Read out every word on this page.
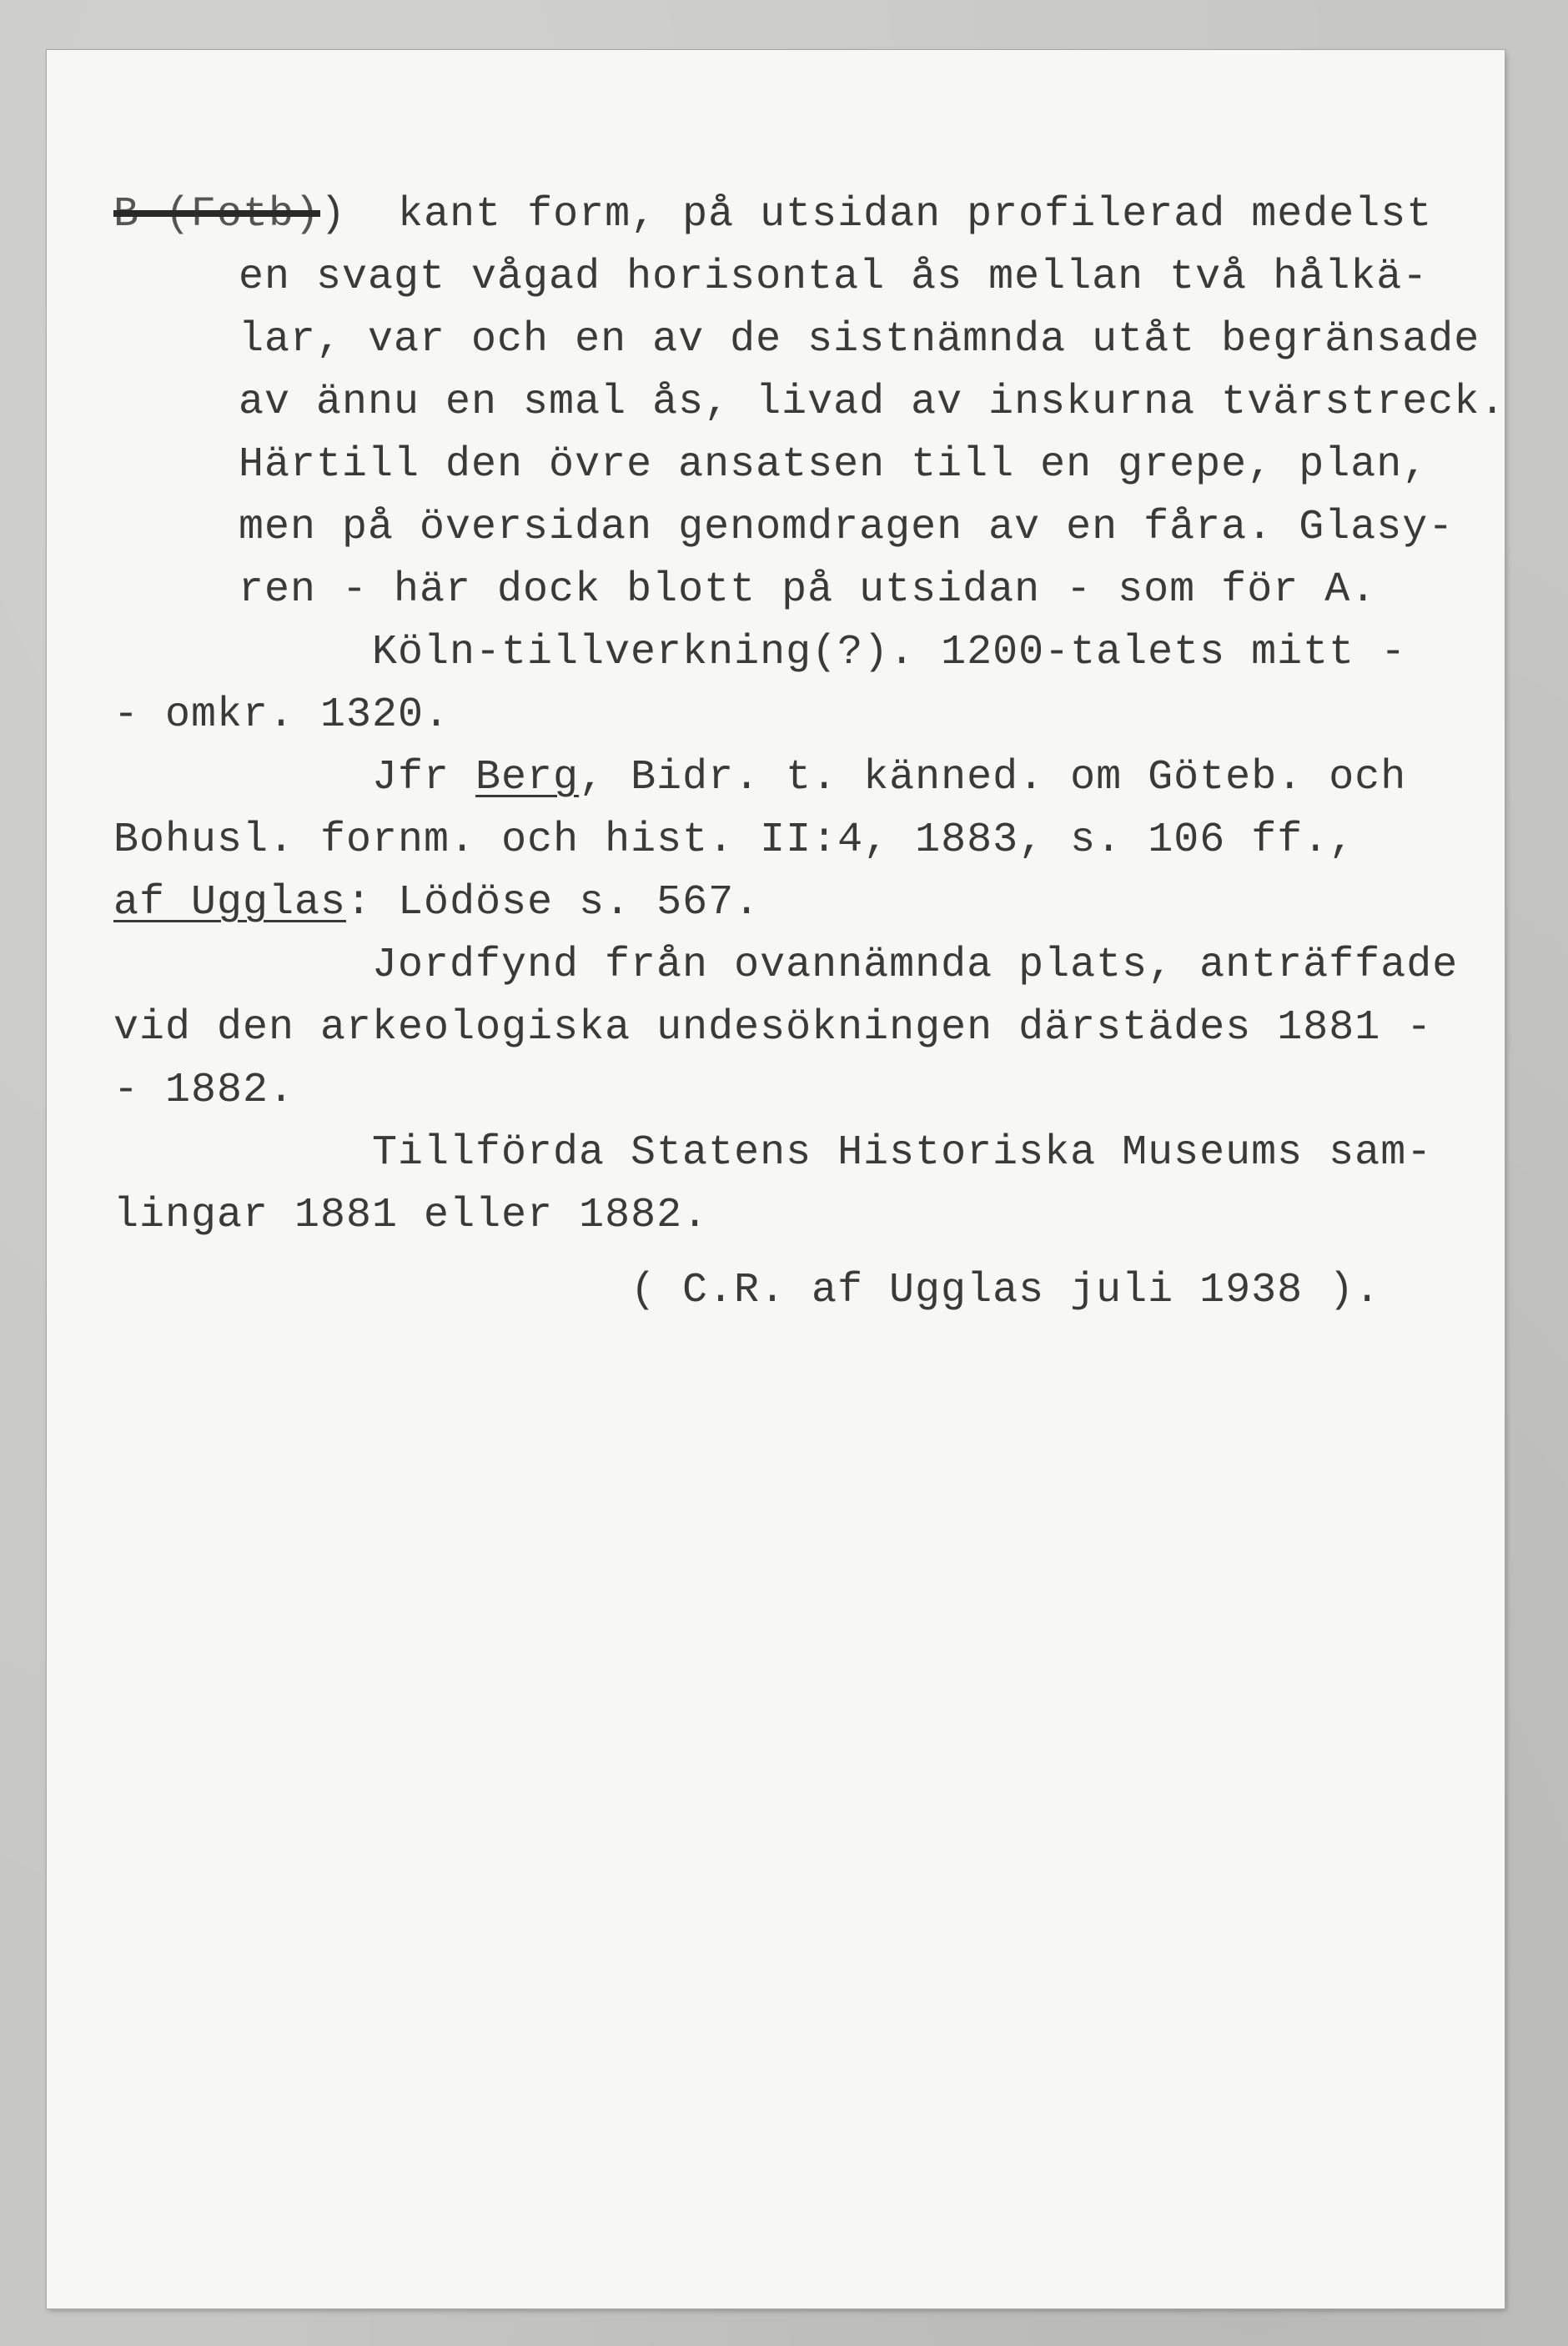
B (Fotb))  kant form, på utsidan profilerad medelst
en svagt vågad horisontal ås mellan två hålkä-
lar, var och en av de sistnämnda utåt begränsade
av ännu en smal ås, livad av inskurna tvärstreck.
Härtill den övre ansatsen till en grepe, plan,
men på översidan genomdragen av en fåra. Glasy-
ren - här dock blott på utsidan - som för A.
Köln-tillverkning(?). 1200-talets mitt -
- omkr. 1320.
Jfr Berg, Bidr. t. känned. om Göteb. och
Bohusl. fornm. och hist. II:4, 1883, s. 106 ff.,
af Ugglas: Lödöse s. 567.
Jordfynd från ovannämnda plats, anträffade
vid den arkeologiska undesökningen därstädes 1881 -
- 1882.
Tillförda Statens Historiska Museums sam-
lingar 1881 eller 1882.
( C.R. af Ugglas juli 1938 ).
